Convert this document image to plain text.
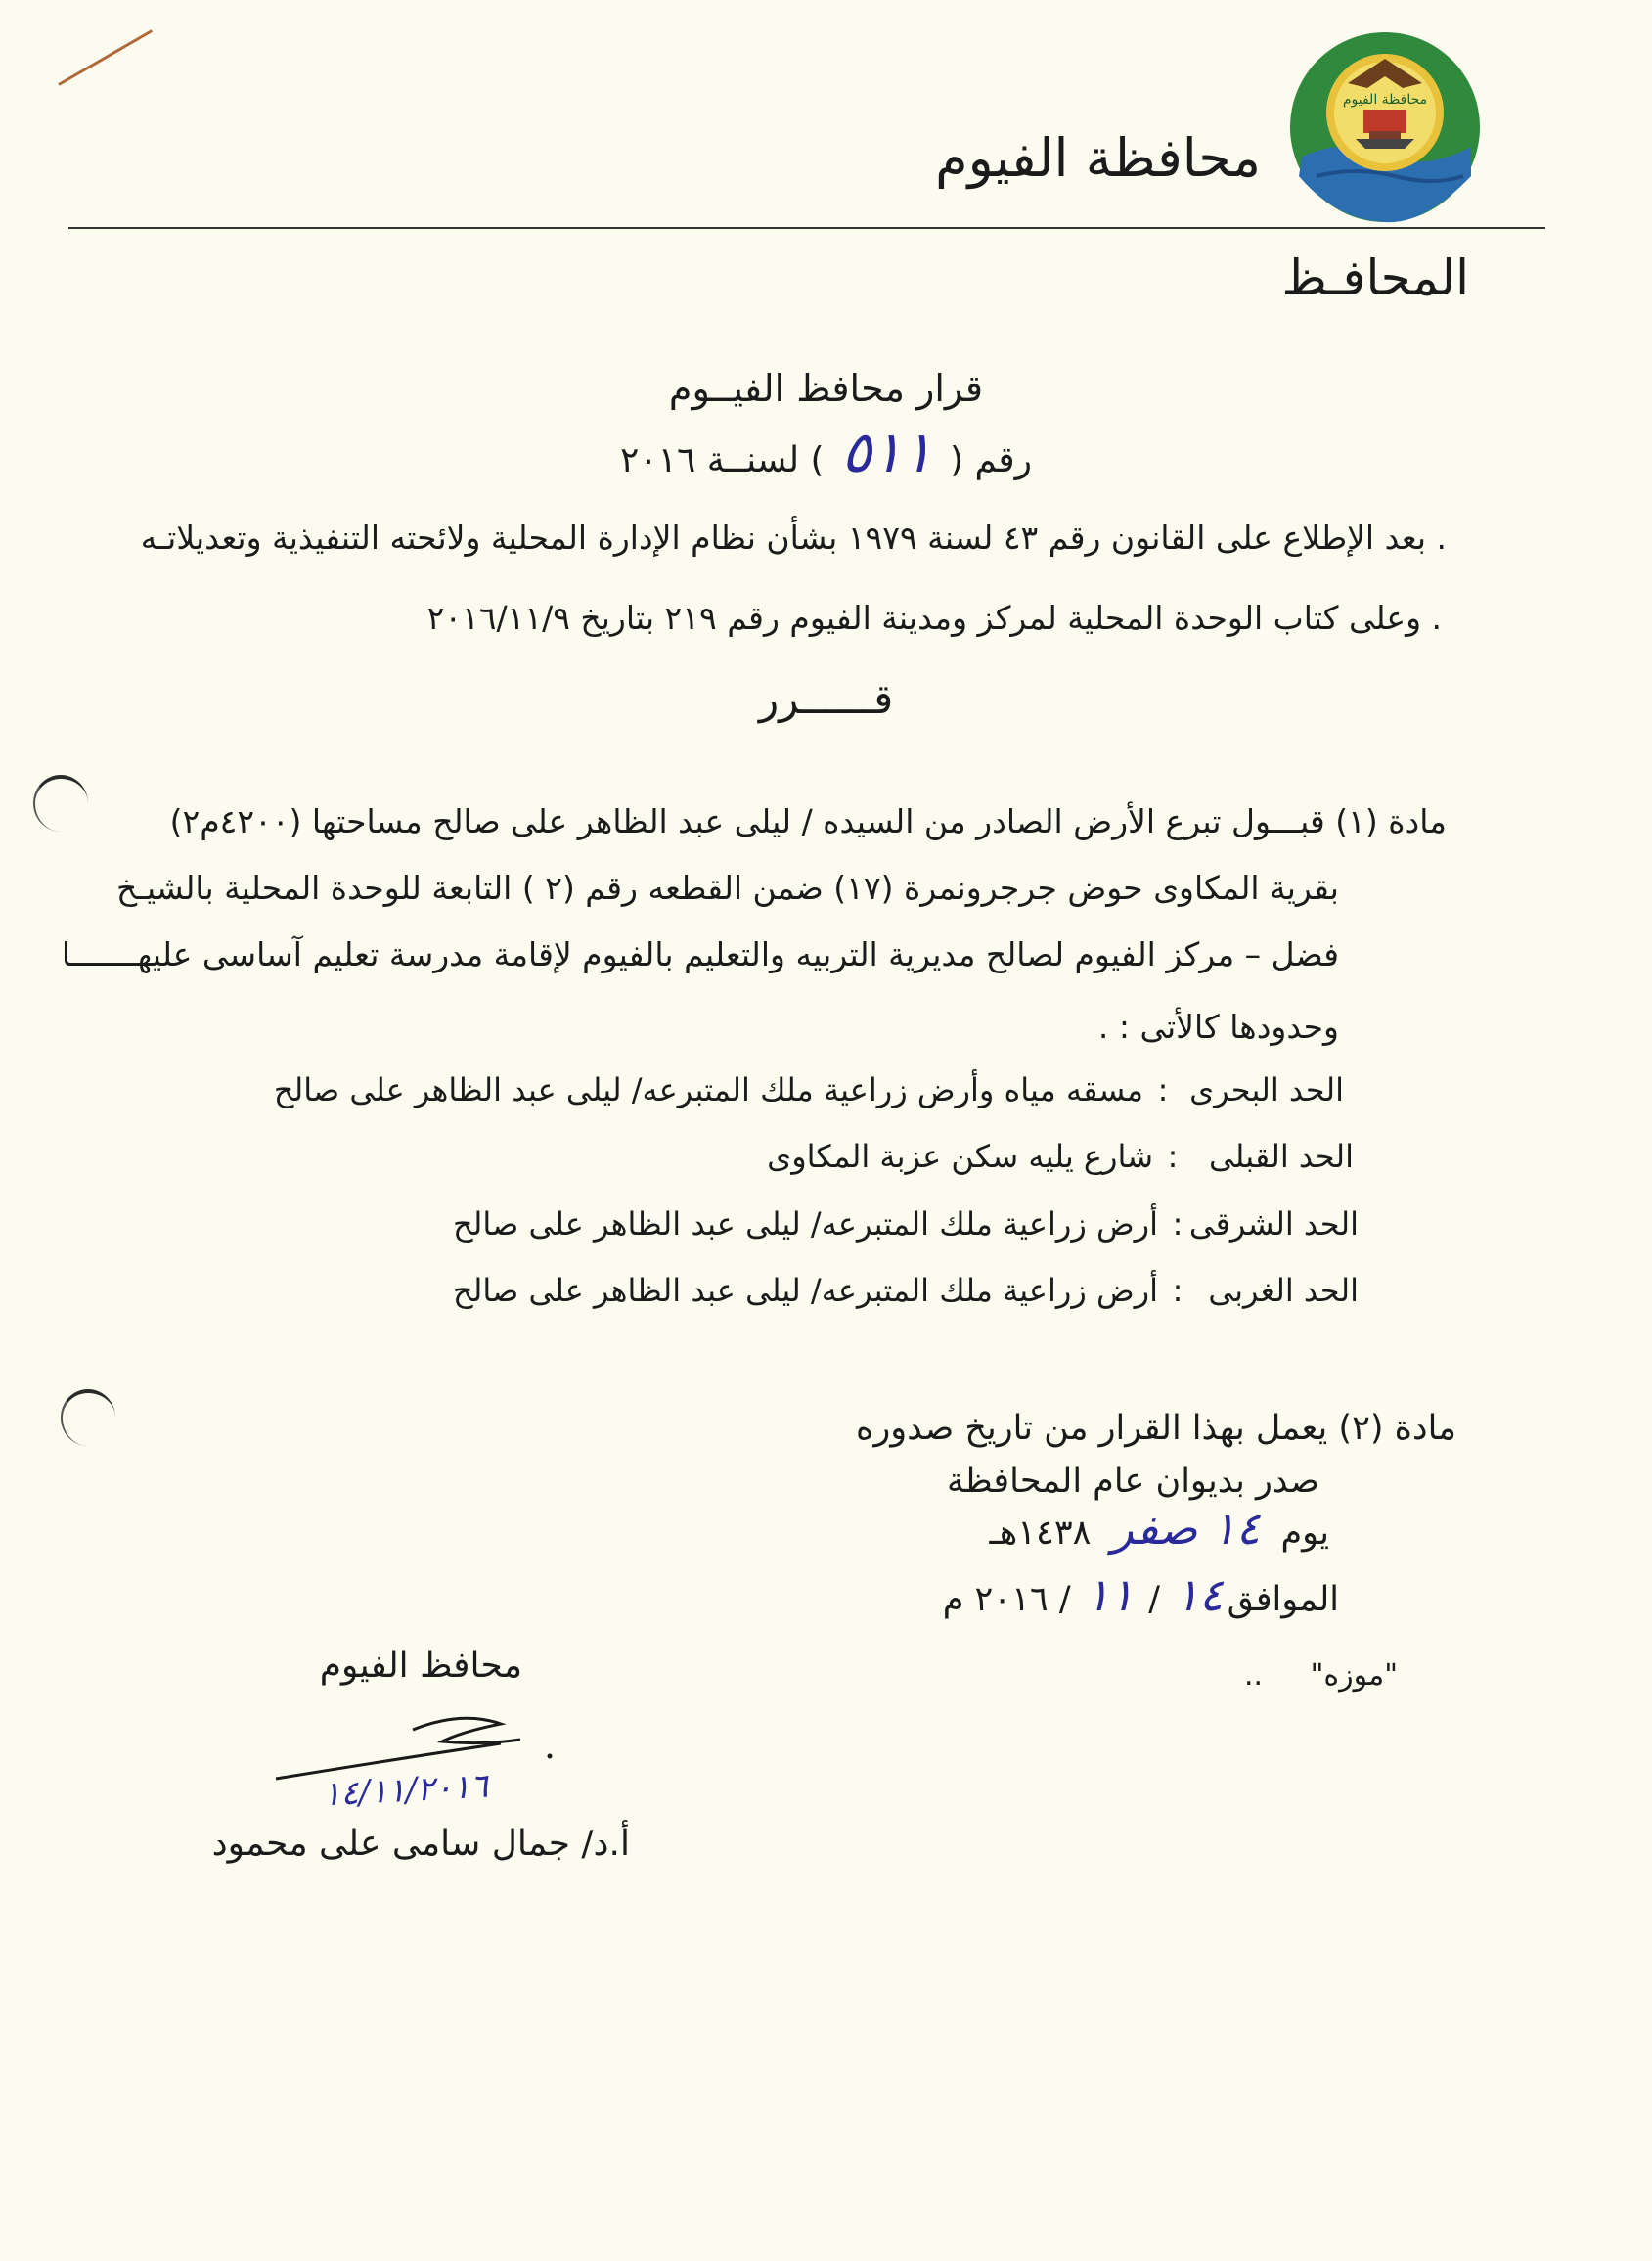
محافظة الفيوم
محافظة الفيوم
المحافـظ
قرار محافظ الفيــوم
رقم ( ٥١١ ) لسنــة ٢٠١٦
. بعد الإطلاع على القانون رقم ٤٣ لسنة ١٩٧٩ بشأن نظام الإدارة المحلية ولائحته التنفيذية وتعديلاتـه
. وعلى كتاب الوحدة المحلية لمركز ومدينة الفيوم رقم ٢١٩ بتاريخ ٢٠١٦/١١/٩
قــــــرر
مادة (١) قبـــول تبرع الأرض الصادر من السيده / ليلى عبد الظاهر على صالح مساحتها (٤٢٠٠م٢)
بقرية المكاوى حوض جرجرونمرة (١٧) ضمن القطعه رقم (٢ ) التابعة للوحدة المحلية بالشيـخ
فضل – مركز الفيوم لصالح مديرية التربيه والتعليم بالفيوم لإقامة مدرسة تعليم آساسى عليهـــــــا
وحدودها كالأتى : .
الحد البحرى:مسقه مياه وأرض زراعية ملك المتبرعه/ ليلى عبد الظاهر على صالح
الحد القبلى:شارع يليه سكن عزبة المكاوى
الحد الشرقى:أرض زراعية ملك المتبرعه/ ليلى عبد الظاهر على صالح
الحد الغربى:أرض زراعية ملك المتبرعه/ ليلى عبد الظاهر على صالح
مادة (٢) يعمل بهذا القرار من تاريخ صدوره
صدر بديوان عام المحافظة
يوم ١٤ صفر ١٤٣٨هـ
الموافق١٤ / ١١ / ٢٠١٦ م
"موزه"
..
محافظ الفيوم
١٤/١١/٢٠١٦
أ.د/ جمال سامى على محمود
